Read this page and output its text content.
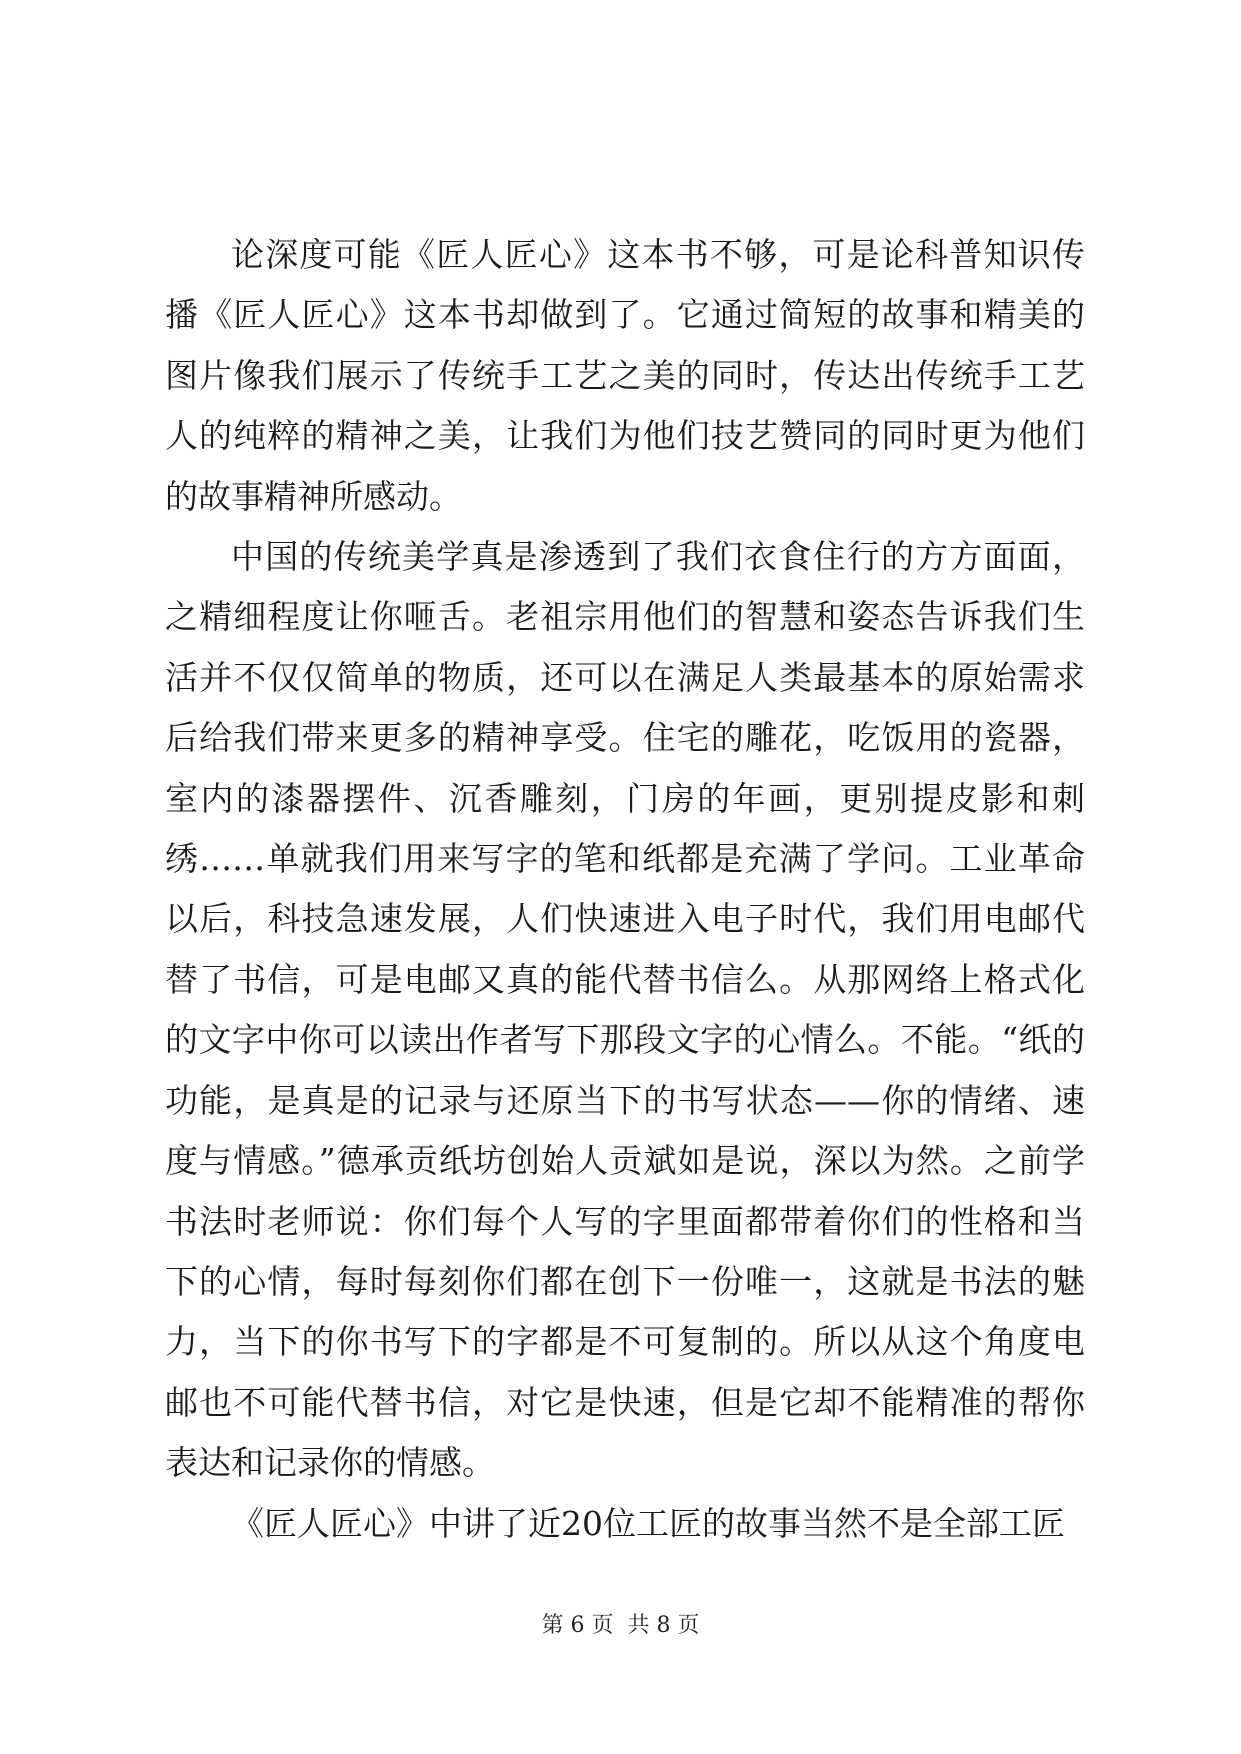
论深度可能《匠人匠心》这本书不够，可是论科普知识传播《匠人匠心》这本书却做到了。它通过简短的故事和精美的图片像我们展示了传统手工艺之美的同时，传达出传统手工艺人的纯粹的精神之美，让我们为他们技艺赞同的同时更为他们的故事精神所感动。

中国的传统美学真是渗透到了我们衣食住行的方方面面，之精细程度让你咂舌。老祖宗用他们的智慧和姿态告诉我们生活并不仅仅简单的物质，还可以在满足人类最基本的原始需求后给我们带来更多的精神享受。住宅的雕花，吃饭用的瓷器，室内的漆器摆件、沉香雕刻，门房的年画，更别提皮影和刺绣……单就我们用来写字的笔和纸都是充满了学问。工业革命以后，科技急速发展，人们快速进入电子时代，我们用电邮代替了书信，可是电邮又真的能代替书信么。从那网络上格式化的文字中你可以读出作者写下那段文字的心情么。不能。“纸的功能，是真是的记录与还原当下的书写状态——你的情绪、速度与情感。”德承贡纸坊创始人贡斌如是说，深以为然。之前学书法时老师说：你们每个人写的字里面都带着你们的性格和当下的心情，每时每刻你们都在创下一份唯一，这就是书法的魅力，当下的你书写下的字都是不可复制的。所以从这个角度电邮也不可能代替书信，对它是快速，但是它却不能精准的帮你表达和记录你的情感。

《匠人匠心》中讲了近20位工匠的故事当然不是全部工匠

第 6 页  共 8 页
